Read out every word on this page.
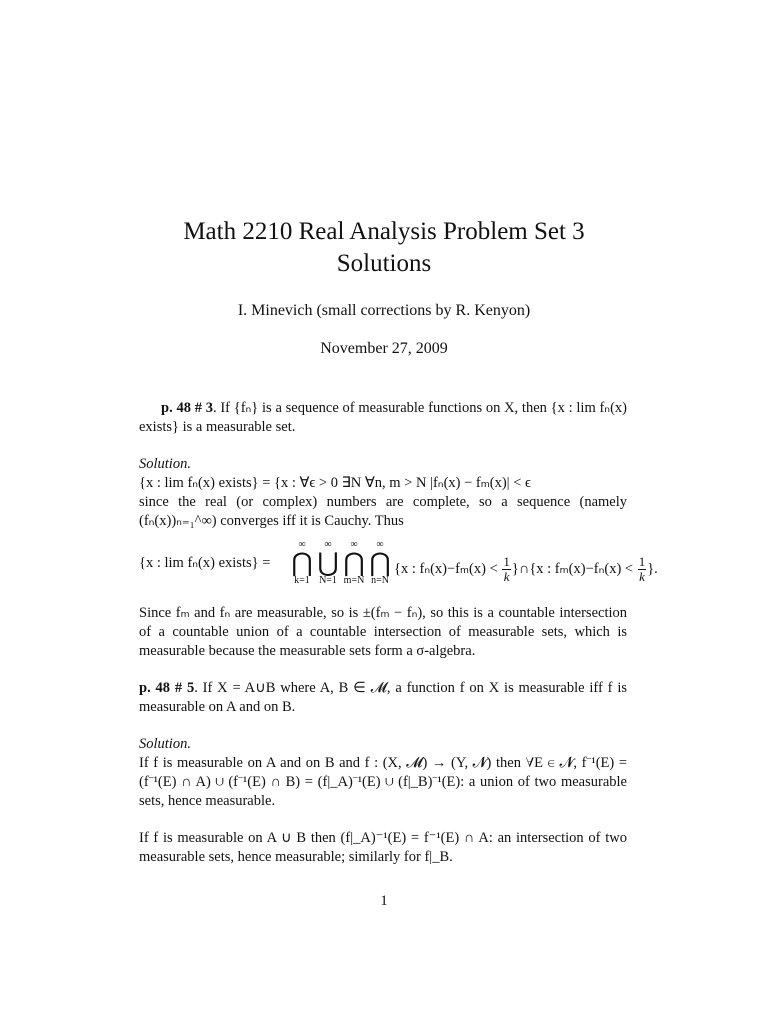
Math 2210 Real Analysis Problem Set 3
Solutions
I. Minevich (small corrections by R. Kenyon)
November 27, 2009

p. 48 # 3. If {fₙ} is a sequence of measurable functions on X, then {x : lim fₙ(x) exists} is a measurable set.

Solution.

{x : lim fₙ(x) exists} = {x : ∀ϵ > 0 ∃N ∀n, m > N |fₙ(x) − fₘ(x)| < ϵ

since the real (or complex) numbers are complete, so a sequence (namely (fₙ(x))ₙ₌₁^∞) converges iff it is Cauchy. Thus

{x : lim fₙ(x) exists} =
∞
⋂
k=1
∞
⋃
N=1
∞
⋂
m=N
∞
⋂
n=N
{x : $f_n(x)-f_m(x) < \frac{1}{k}$ }∩{x : $f_m(x)-f_n(x) < \frac{1}{k}$ }.

Since fₘ and fₙ are measurable, so is ±(fₘ − fₙ), so this is a countable intersection of a countable union of a countable intersection of measurable sets, which is measurable because the measurable sets form a σ-algebra.

p. 48 # 5. If X = A∪B where A, B ∈ 𝓜, a function f on X is measurable iff f is measurable on A and on B.

Solution.

If f is measurable on A and on B and f : (X, 𝓜) → (Y, 𝓝) then ∀E ∈ 𝓝, f⁻¹(E) = (f⁻¹(E) ∩ A) ∪ (f⁻¹(E) ∩ B) = (f|_A)⁻¹(E) ∪ (f|_B)⁻¹(E): a union of two measurable sets, hence measurable.

If f is measurable on A ∪ B then (f|_A)⁻¹(E) = f⁻¹(E) ∩ A: an intersection of two measurable sets, hence measurable; similarly for f|_B.

1
